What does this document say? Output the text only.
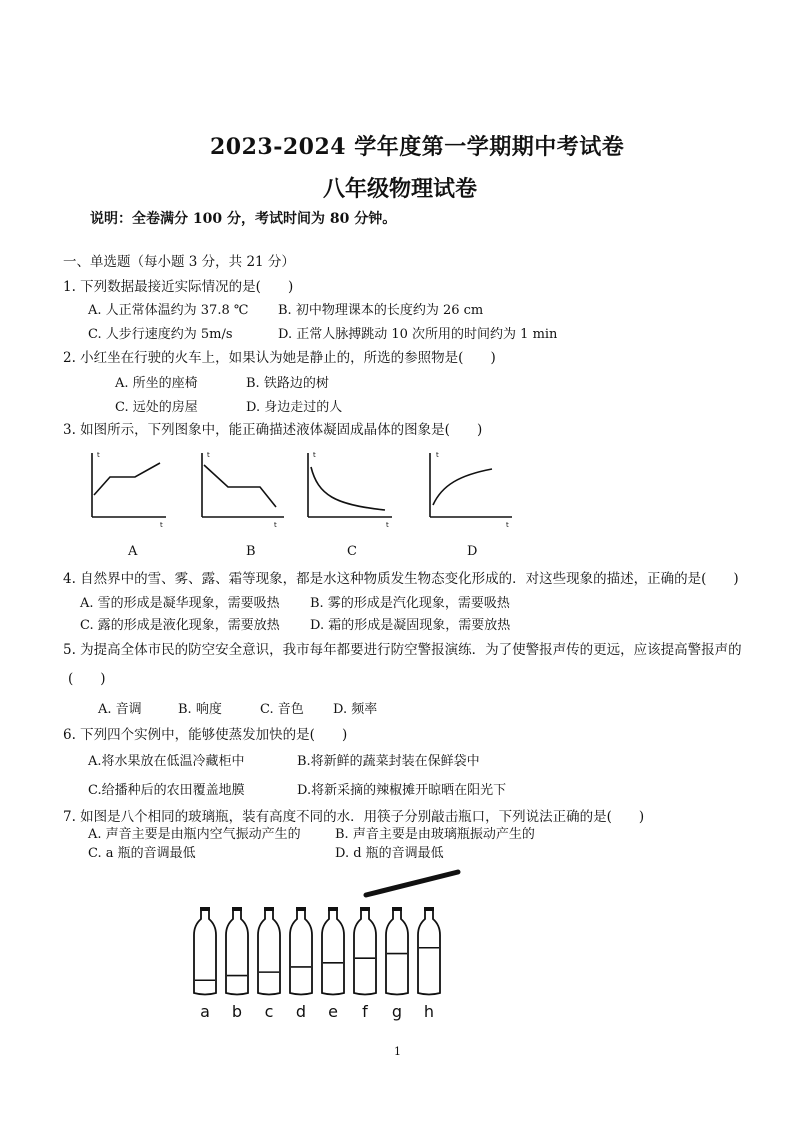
2023-2024 学年度第一学期期中考试卷
八年级物理试卷
说明：全卷满分 100 分，考试时间为 80 分钟。
一、单选题（每小题 3 分，共 21 分）
1. 下列数据最接近实际情况的是(　　)
A. 人正常体温约为 37.8 ℃ B. 初中物理课本的长度约为 26 cm
C. 人步行速度约为 5m/s	D. 正常人脉搏跳动 10 次所用的时间约为 1 min
2. 小红坐在行驶的火车上，如果认为她是静止的，所选的参照物是(　　)
A. 所坐的座椅	B. 铁路边的树
C. 远处的房屋	D. 身边走过的人
3. 如图所示，下列图象中，能正确描述液体凝固成晶体的图象是(　　)
t
t
t
t
t
t
t
t
A	B	C	D
4. 自然界中的雪、雾、露、霜等现象，都是水这种物质发生物态变化形成的．对这些现象的描述，正确的是(　　)
A. 雪的形成是凝华现象，需要吸热 B. 雾的形成是汽化现象，需要吸热
C. 露的形成是液化现象，需要放热 D. 霜的形成是凝固现象，需要放热
5. 为提高全体市民的防空安全意识，我市每年都要进行防空警报演练．为了使警报声传的更远，应该提高警报声的
(　　)
A. 音调	B. 响度	C. 音色 D. 频率
6. 下列四个实例中，能够使蒸发加快的是(　　)
A.将水果放在低温冷藏柜中	B.将新鲜的蔬菜封装在保鲜袋中
C.给播种后的农田覆盖地膜	D.将新采摘的辣椒摊开晾晒在阳光下
7. 如图是八个相同的玻璃瓶，装有高度不同的水．用筷子分别敲击瓶口，下列说法正确的是(　　)
A. 声音主要是由瓶内空气振动产生的	B. 声音主要是由玻璃瓶振动产生的
C. a 瓶的音调最低	D. d 瓶的音调最低
a b c d e f g h
1
